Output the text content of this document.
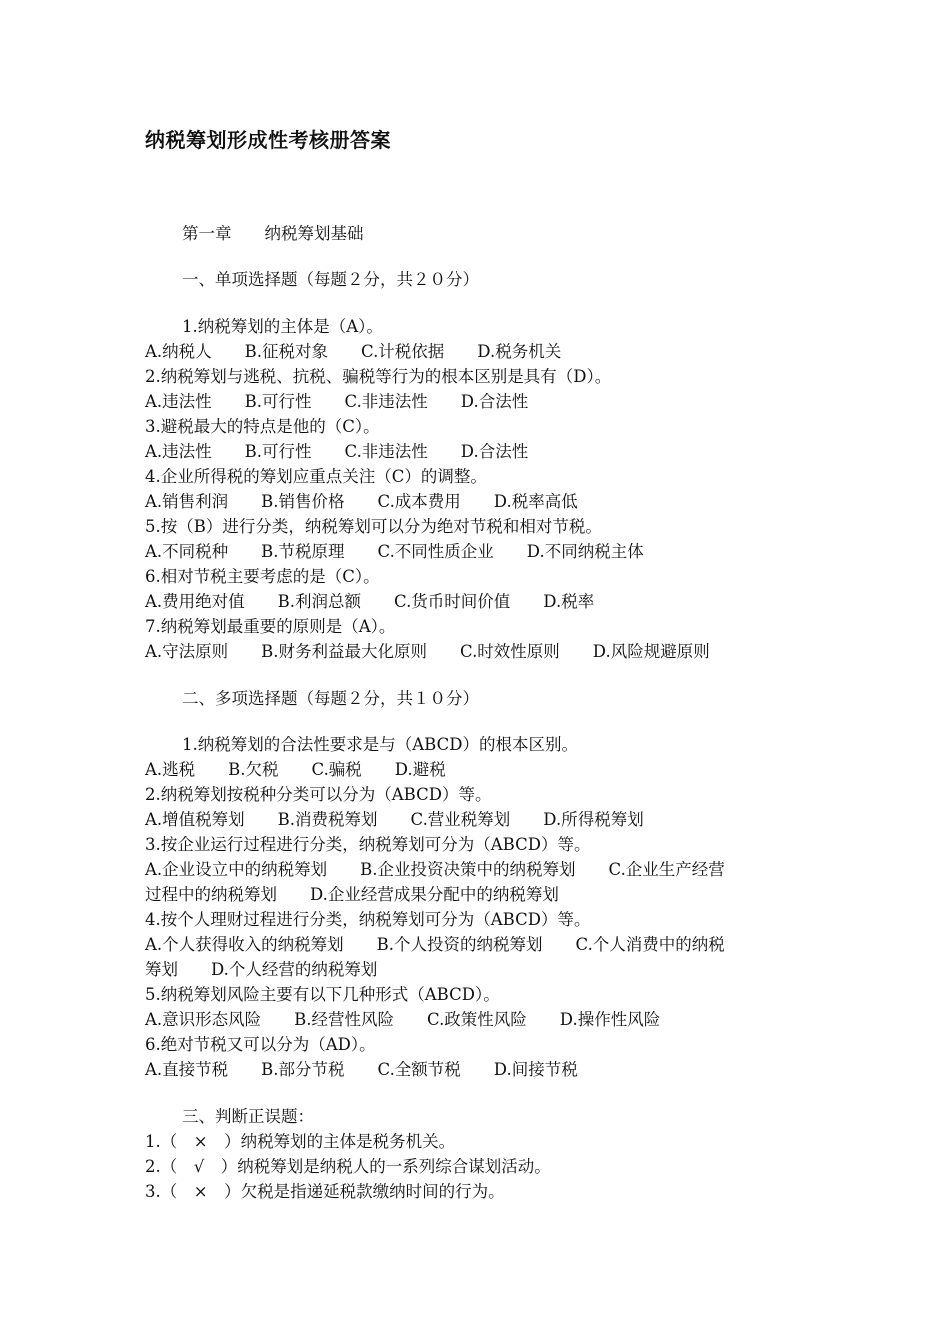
纳税筹划形成性考核册答案
第一章　　纳税筹划基础
一、单项选择题（每题２分，共２０分）
1.纳税筹划的主体是（A）。
A.纳税人　　B.征税对象　　C.计税依据　　D.税务机关
2.纳税筹划与逃税、抗税、骗税等行为的根本区别是具有（D）。
A.违法性　　B.可行性　　C.非违法性　　D.合法性
3.避税最大的特点是他的（C）。
A.违法性　　B.可行性　　C.非违法性　　D.合法性
4.企业所得税的筹划应重点关注（C）的调整。
A.销售利润　　B.销售价格　　C.成本费用　　D.税率高低
5.按（B）进行分类，纳税筹划可以分为绝对节税和相对节税。
A.不同税种　　B.节税原理　　C.不同性质企业　　D.不同纳税主体
6.相对节税主要考虑的是（C）。
A.费用绝对值　　B.利润总额　　C.货币时间价值　　D.税率
7.纳税筹划最重要的原则是（A）。
A.守法原则　　B.财务利益最大化原则　　C.时效性原则　　D.风险规避原则
二、多项选择题（每题２分，共１０分）
1.纳税筹划的合法性要求是与（ABCD）的根本区别。
A.逃税　　B.欠税　　C.骗税　　D.避税
2.纳税筹划按税种分类可以分为（ABCD）等。
A.增值税筹划　　B.消费税筹划　　C.营业税筹划　　D.所得税筹划
3.按企业运行过程进行分类，纳税筹划可分为（ABCD）等。
A.企业设立中的纳税筹划　　B.企业投资决策中的纳税筹划　　C.企业生产经营
过程中的纳税筹划　　D.企业经营成果分配中的纳税筹划
4.按个人理财过程进行分类，纳税筹划可分为（ABCD）等。
A.个人获得收入的纳税筹划　　B.个人投资的纳税筹划　　C.个人消费中的纳税
筹划　　D.个人经营的纳税筹划
5.纳税筹划风险主要有以下几种形式（ABCD）。
A.意识形态风险　　B.经营性风险　　C.政策性风险　　D.操作性风险
6.绝对节税又可以分为（AD）。
A.直接节税　　B.部分节税　　C.全额节税　　D.间接节税
三、判断正误题：
1.（　×　）纳税筹划的主体是税务机关。
2.（　√　）纳税筹划是纳税人的一系列综合谋划活动。
3.（　×　）欠税是指递延税款缴纳时间的行为。
